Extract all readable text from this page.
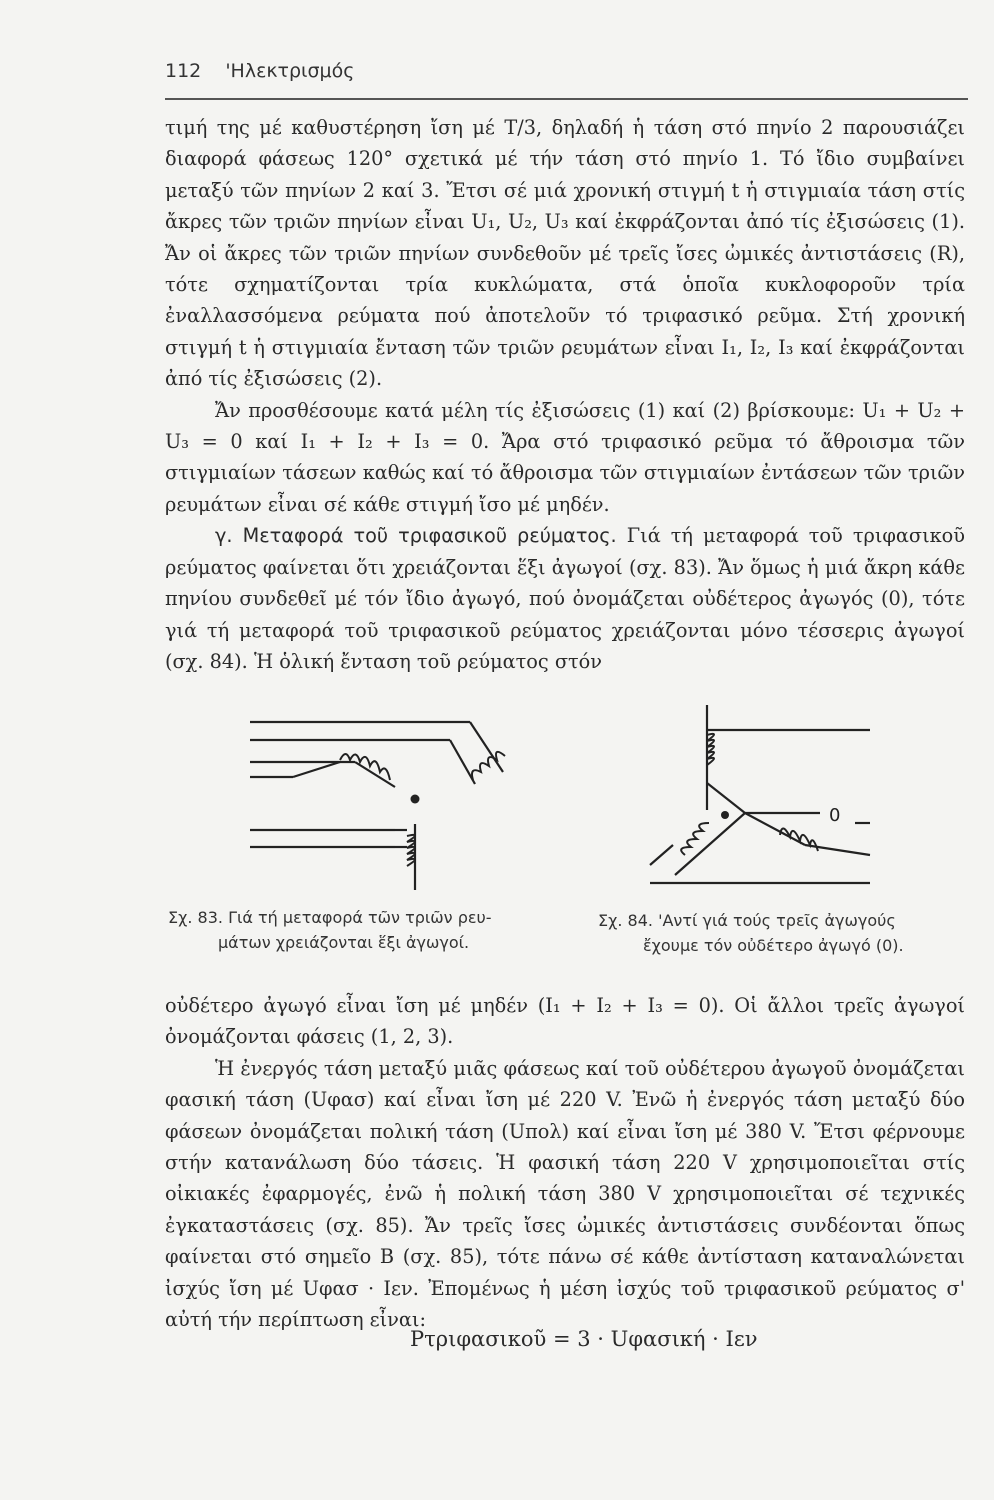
112 'Ηλεκτρισμός

τιμή της μέ καθυστέρηση ἴση μέ Τ/3, δηλαδή ἡ τάση στό πηνίο 2 παρουσιάζει διαφορά φάσεως 120° σχετικά μέ τήν τάση στό πηνίο 1. Τό ἴδιο συμβαίνει μεταξύ τῶν πηνίων 2 καί 3. Ἔτσι σέ μιά χρονική στιγμή t ἡ στιγμιαία τάση στίς ἄκρες τῶν τριῶν πηνίων εἶναι U₁, U₂, U₃ καί ἐκφράζονται ἀπό τίς ἐξισώσεις (1). Ἄν οἱ ἄκρες τῶν τριῶν πηνίων συνδεθοῦν μέ τρεῖς ἴσες ὠμικές ἀντιστάσεις (R), τότε σχηματίζονται τρία κυκλώματα, στά ὁποῖα κυκλοφοροῦν τρία ἐναλλασσόμενα ρεύματα πού ἀποτελοῦν τό τριφασικό ρεῦμα. Στή χρονική στιγμή t ἡ στιγμιαία ἔνταση τῶν τριῶν ρευμάτων εἶναι I₁, I₂, I₃ καί ἐκφράζονται ἀπό τίς ἐξισώσεις (2).

Ἄν προσθέσουμε κατά μέλη τίς ἐξισώσεις (1) καί (2) βρίσκουμε: U₁ + U₂ + U₃ = 0 καί I₁ + I₂ + I₃ = 0. Ἄρα στό τριφασικό ρεῦμα τό ἄθροισμα τῶν στιγμιαίων τάσεων καθώς καί τό ἄθροισμα τῶν στιγμιαίων ἐντάσεων τῶν τριῶν ρευμάτων εἶναι σέ κάθε στιγμή ἴσο μέ μηδέν.

γ. Μεταφορά τοῦ τριφασικοῦ ρεύματος. Γιά τή μεταφορά τοῦ τριφασικοῦ ρεύματος φαίνεται ὅτι χρειάζονται ἕξι ἀγωγοί (σχ. 83). Ἄν ὅμως ἡ μιά ἄκρη κάθε πηνίου συνδεθεῖ μέ τόν ἴδιο ἀγωγό, πού ὀνομάζεται οὐδέτερος ἀγωγός (0), τότε γιά τή μεταφορά τοῦ τριφασικοῦ ρεύματος χρειάζονται μόνο τέσσερις ἀγωγοί (σχ. 84). Ἡ ὁλική ἔνταση τοῦ ρεύματος στόν

0
Σχ. 83. Γιά τή μεταφορά τῶν τριῶν ρευ-
μάτων χρειάζονται ἕξι ἀγωγοί.
Σχ. 84. 'Αντί γιά τούς τρεῖς ἀγωγούς
ἔχουμε τόν οὐδέτερο ἀγωγό (0).

οὐδέτερο ἀγωγό εἶναι ἴση μέ μηδέν (I₁ + I₂ + I₃ = 0). Οἱ ἄλλοι τρεῖς ἀγωγοί ὀνομάζονται φάσεις (1, 2, 3).

Ἡ ἐνεργός τάση μεταξύ μιᾶς φάσεως καί τοῦ οὐδέτερου ἀγωγοῦ ὀνομάζεται φασική τάση (Uφασ) καί εἶναι ἴση μέ 220 V. Ἐνῶ ἡ ἐνεργός τάση μεταξύ δύο φάσεων ὀνομάζεται πολική τάση (Uπολ) καί εἶναι ἴση μέ 380 V. Ἔτσι φέρνουμε στήν κατανάλωση δύο τάσεις. Ἡ φασική τάση 220 V χρησιμοποιεῖται στίς οἰκιακές ἐφαρμογές, ἐνῶ ἡ πολική τάση 380 V χρησιμοποιεῖται σέ τεχνικές ἐγκαταστάσεις (σχ. 85). Ἄν τρεῖς ἴσες ὠμικές ἀντιστάσεις συνδέονται ὅπως φαίνεται στό σημεῖο Β (σχ. 85), τότε πάνω σέ κάθε ἀντίσταση καταναλώνεται ἰσχύς ἴση μέ Uφασ · Iεν. Ἐπομένως ἡ μέση ἰσχύς τοῦ τριφασικοῦ ρεύματος σ' αὐτή τήν περίπτωση εἶναι:

Pτριφασικοῦ = 3 · Uφασική · Iεν
